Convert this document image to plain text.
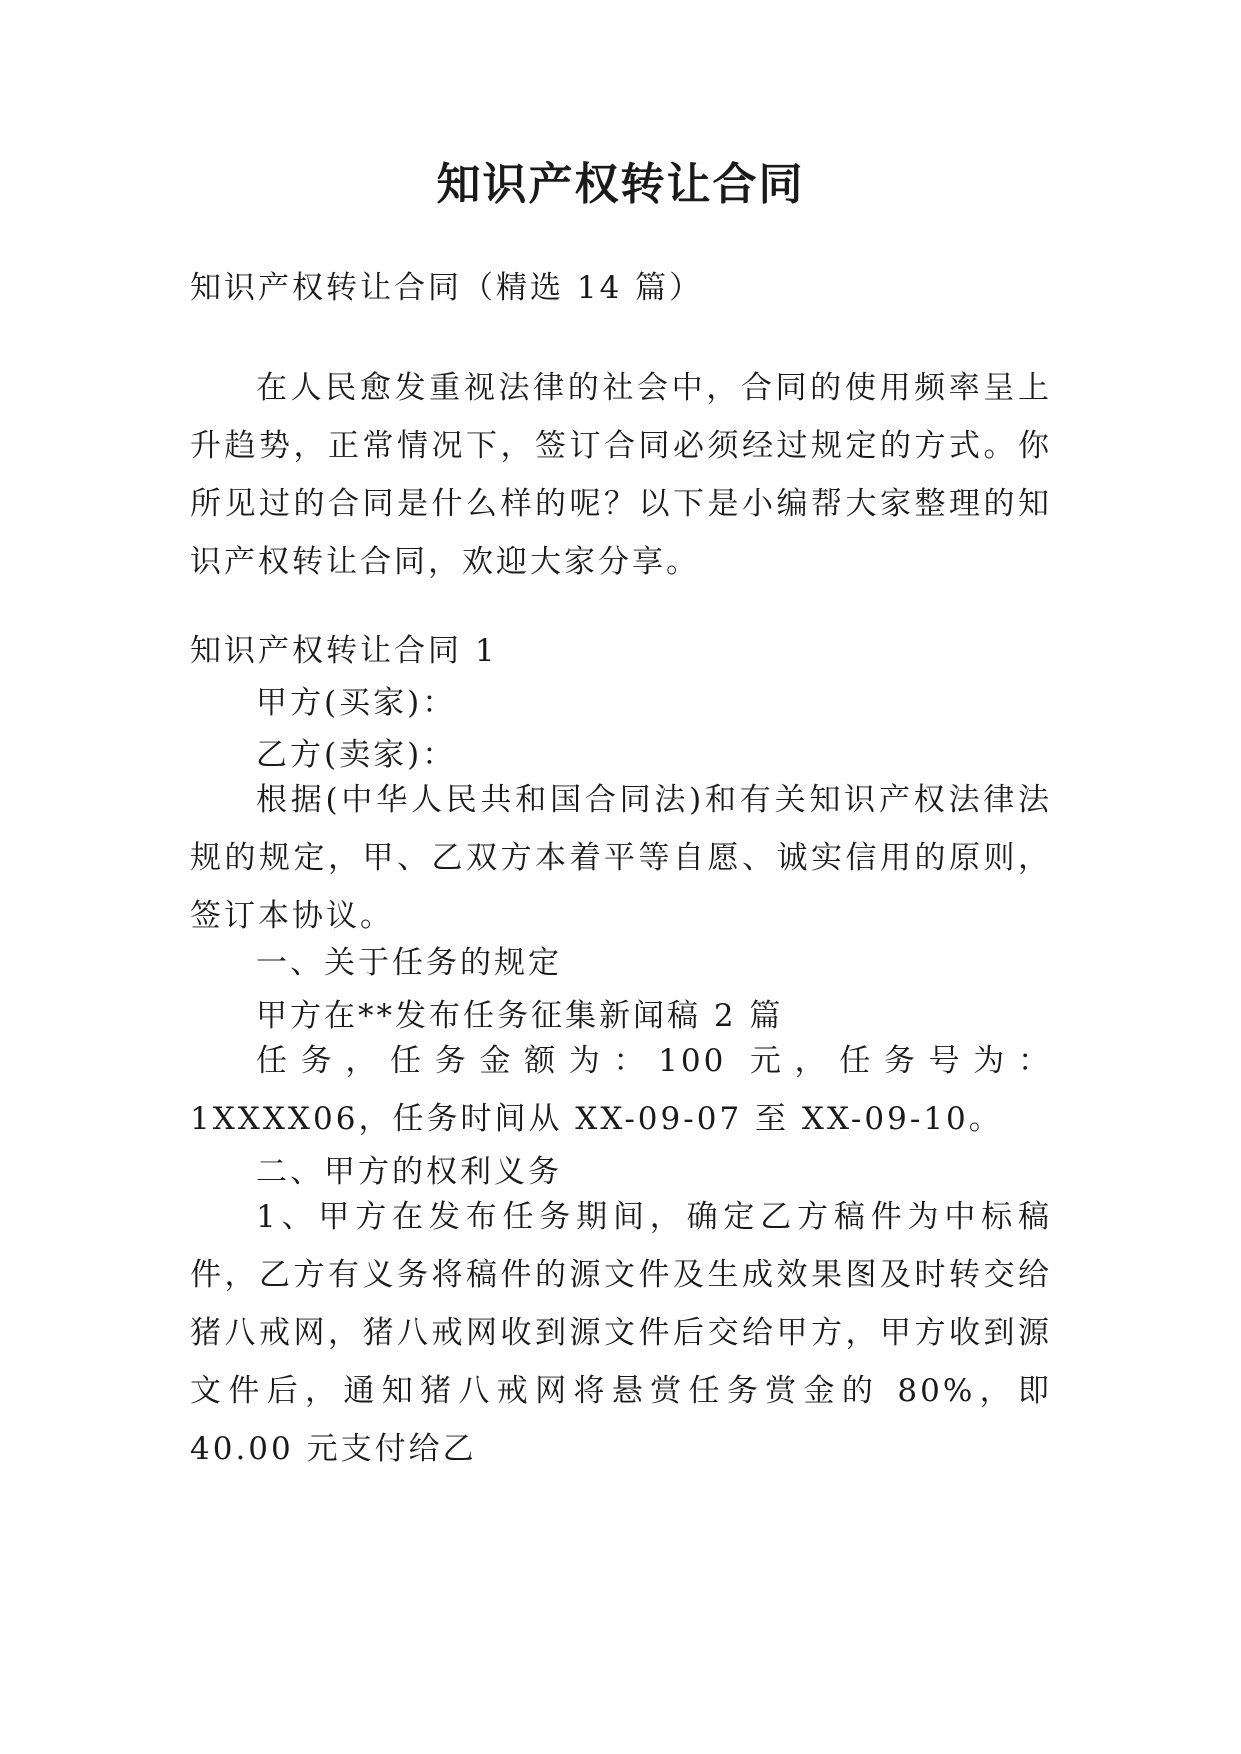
知识产权转让合同

知识产权转让合同（精选 14 篇）

在人民愈发重视法律的社会中，合同的使用频率呈上升趋势，正常情况下，签订合同必须经过规定的方式。你所见过的合同是什么样的呢？以下是小编帮大家整理的知识产权转让合同，欢迎大家分享。

知识产权转让合同 1

甲方(买家)：

乙方(卖家)：

根据(中华人民共和国合同法)和有关知识产权法律法规的规定，甲、乙双方本着平等自愿、诚实信用的原则，签订本协议。

一、关于任务的规定

甲方在**发布任务征集新闻稿 2 篇

任务，任务金额为：100 元，任务号为：1XXXX06，任务时间从 XX-09-07 至 XX-09-10。

二、甲方的权利义务

1、甲方在发布任务期间，确定乙方稿件为中标稿件，乙方有义务将稿件的源文件及生成效果图及时转交给猪八戒网，猪八戒网收到源文件后交给甲方，甲方收到源文件后，通知猪八戒网将悬赏任务赏金的 80%，即 40.00 元支付给乙
